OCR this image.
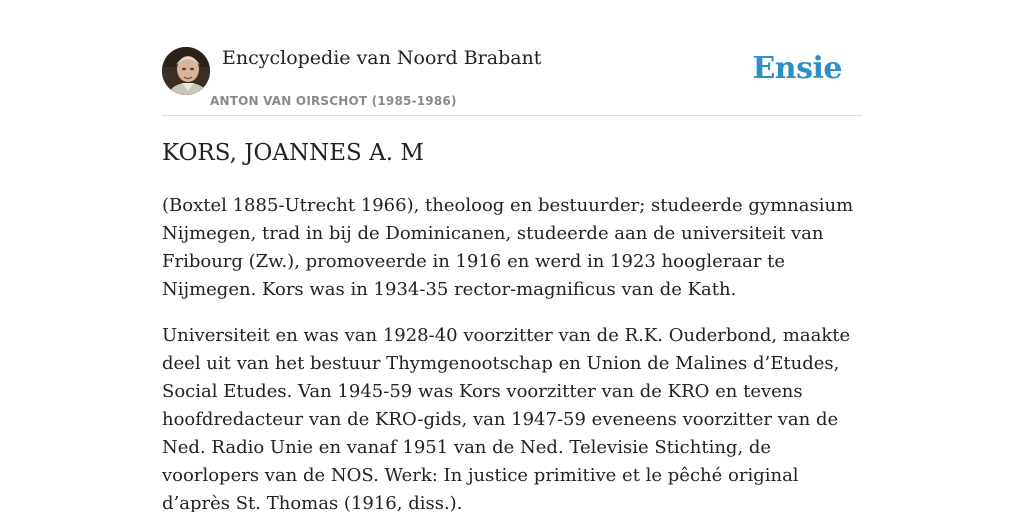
Encyclopedie van Noord Brabant
ANTON VAN OIRSCHOT (1985-1986)
Ensie
KORS, JOANNES A. M

(Boxtel 1885-Utrecht 1966), theoloog en bestuurder; studeerde gymnasium Nijmegen, trad in bij de Dominicanen, studeerde aan de universiteit van Fribourg (Zw.), promoveerde in 1916 en werd in 1923 hoogleraar te Nijmegen. Kors was in 1934-35 rector-magnificus van de Kath.

Universiteit en was van 1928-40 voorzitter van de R.K. Ouderbond, maakte deel uit van het bestuur Thymgenootschap en Union de Malines d’Etudes, Social Etudes. Van 1945-59 was Kors voorzitter van de KRO en tevens hoofdredacteur van de KRO-gids, van 1947-59 eveneens voorzitter van de Ned. Radio Unie en vanaf 1951 van de Ned. Televisie Stichting, de voorlopers van de NOS. Werk: In justice primitive et le pêché original d’après St. Thomas (1916, diss.).
